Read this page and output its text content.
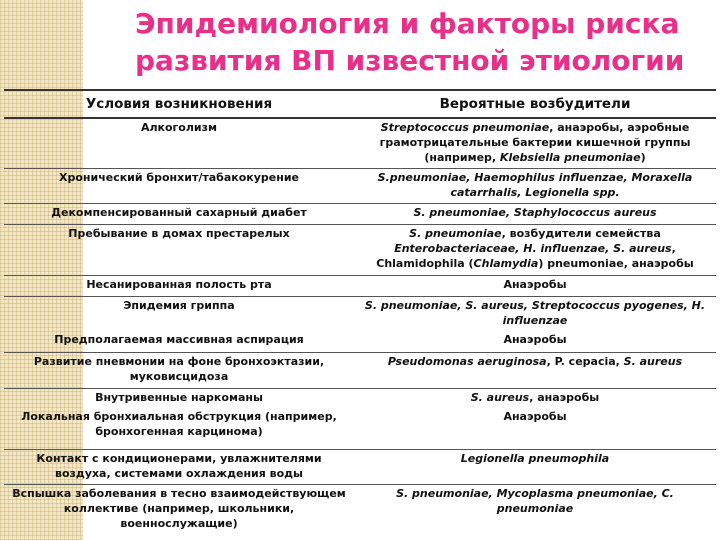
Эпидемиология и факторы риска
развития ВП известной этиологии
Условия возникновения	Вероятные возбудители
Алкоголизм	Streptococcus pneumoniae, анаэробы, аэробные грамотрицательные бактерии кишечной группы (например, Klebsiella pneumoniae)
Хронический бронхит/табакокурение	S.pneumoniae, Haemophilus influenzae, Moraxella catarrhalis, Legionella spp.
Декомпенсированный сахарный диабет	S. pneumoniae, Staphylococcus aureus
Пребывание в домах престарелых	S. pneumoniae, возбудители семейства Enterobacteriaceae, H. influenzae, S. aureus, Chlamidophila (Chlamydia) pneumoniae, анаэробы
Несанированная полость рта	Анаэробы
Эпидемия гриппа	S. pneumoniae, S. aureus, Streptococcus pyogenes, H. influenzae
Предполагаемая массивная аспирация	Анаэробы
Развитие пневмонии на фоне бронхоэктазии, муковисцидоза	Pseudomonas aeruginosa, P. cepacia, S. aureus
Внутривенные наркоманы	S. aureus, анаэробы
Локальная бронхиальная обструкция (например, бронхогенная карцинома)	Анаэробы
Контакт с кондиционерами, увлажнителями воздуха, системами охлаждения воды	Legionella pneumophila
Вспышка заболевания в тесно взаимодействующем коллективе (например, школьники, военнослужащие)	S. pneumoniae, Mycoplasma pneumoniae, C. pneumoniae
